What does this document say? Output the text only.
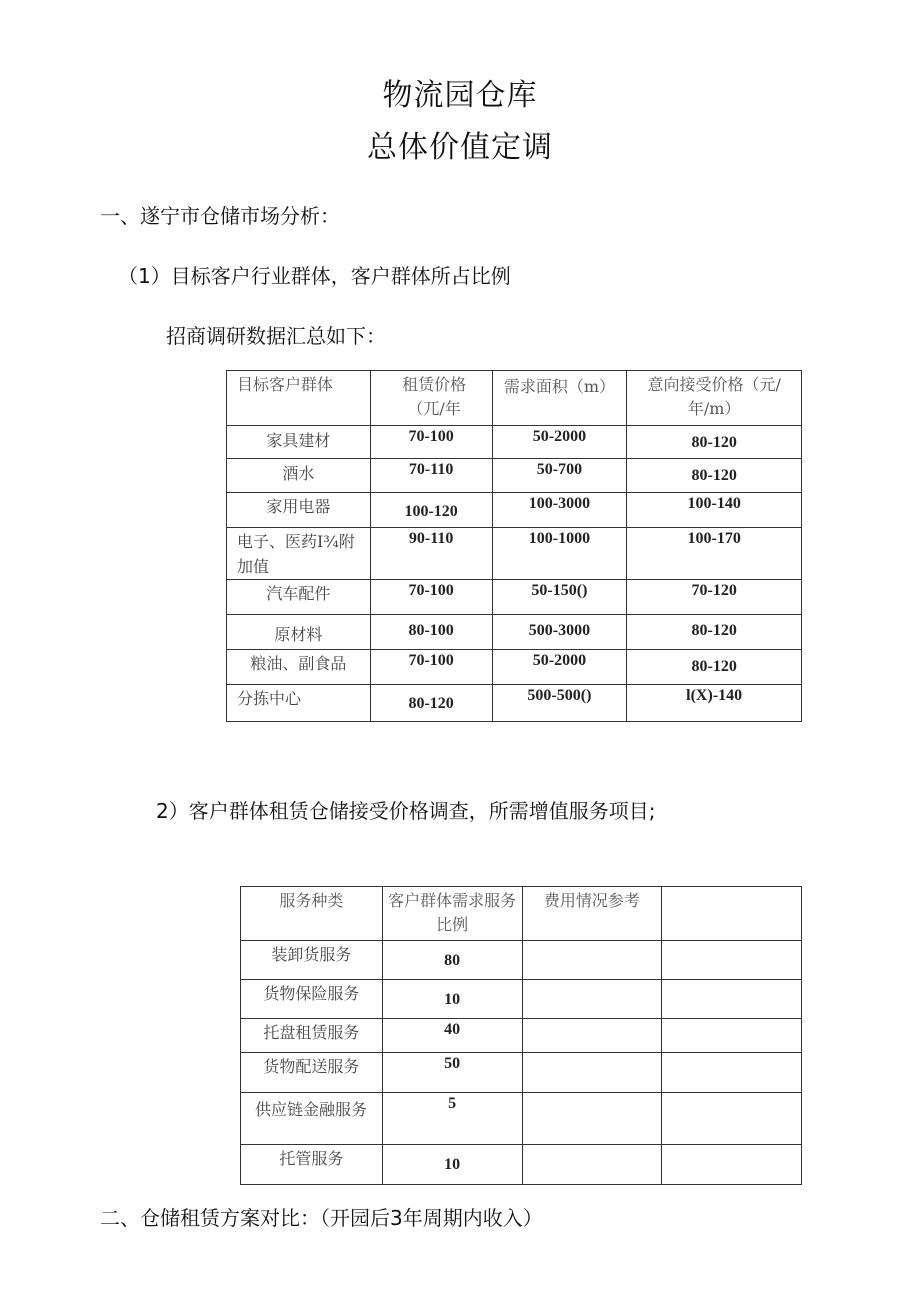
物流园仓库
总体价值定调
一、遂宁市仓储市场分析：
（1）目标客户行业群体，客户群体所占比例
招商调研数据汇总如下：
目标客户群体	租赁价格（兀/年	需求面积（m）	意向接受价格（元/年/m）

家具建材	70-100	50-2000	80-120

酒水	70-110	50-700	80-120

家用电器	100-120	100-3000	100-140

电子、医药I¾附加值	90-110	100-1000	100-170

汽车配件	70-100	50-150()	70-120

原材料	80-100	500-3000	80-120

粮油、副食品	70-100	50-2000	80-120

分拣中心	80-120	500-500()	l(X)-140
2）客户群体租赁仓储接受价格调查，所需增值服务项目;
服务种类	客户群体需求服务比例	费用情况参考	

装卸货服务	80		

货物保险服务	10		

托盘租赁服务	40		

货物配送服务	50		

供应链金融服务	5		

托管服务	10		

二、仓储租赁方案对比：（开园后3年周期内收入）
